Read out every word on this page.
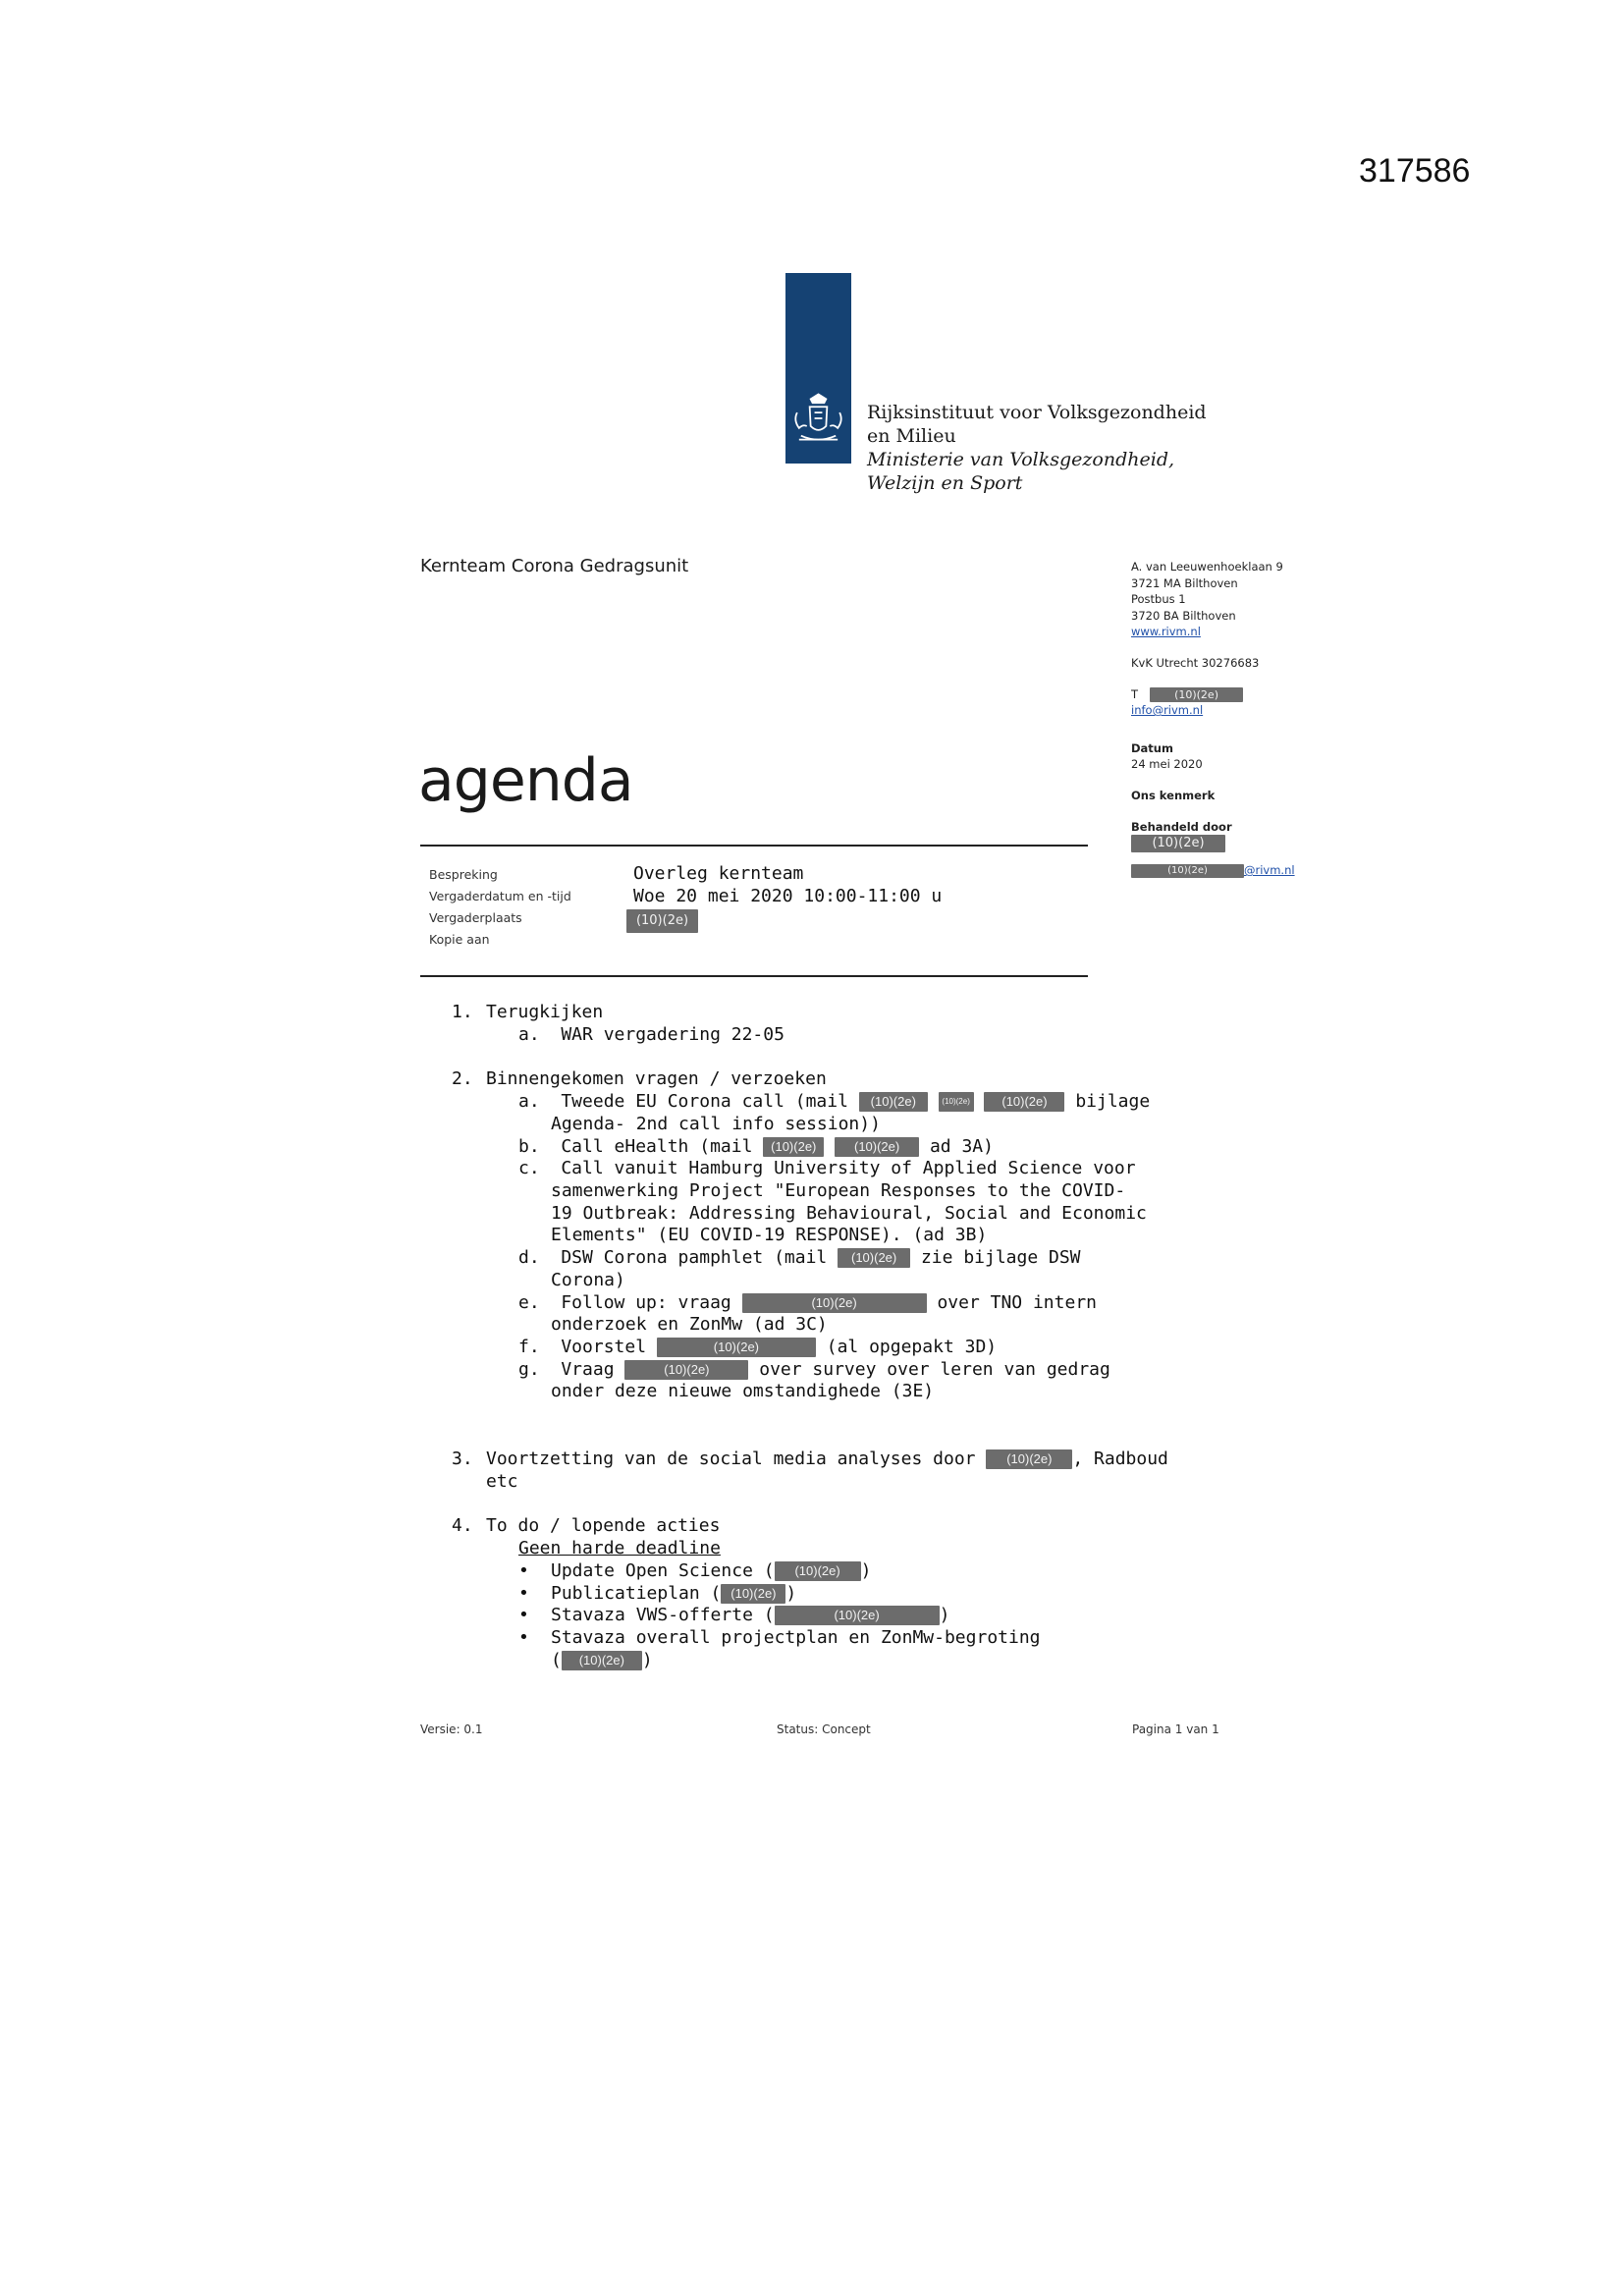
317586
Rijksinstituut voor Volksgezondheid
en Milieu
Ministerie van Volksgezondheid,
Welzijn en Sport
Kernteam Corona Gedragsunit	A. van Leeuwenhoeklaan 9
3721 MA Bilthoven
Postbus 1
3720 BA Bilthoven
www.rivm.nl
KvK Utrecht 30276683
T	(10)(2e)
info@rivm.nl
Datum
24 mei 2020
Ons kenmerk
Behandeld door
(10)(2e)
(10)(2e)	@rivm.nl
agenda
Bespreking	Overleg kernteam
Vergaderdatum en -tijd	Woe 20 mei 2020 10:00-11:00 u
Vergaderplaats	(10)(2e)
Kopie aan
1. Terugkijken
a.  WAR vergadering 22-05
2. Binnengekomen vragen / verzoeken
a.  Tweede EU Corona call (mail (10)(2e)	(10)(2e)	(10)(2e) bijlage
Agenda- 2nd call info session))
b.  Call eHealth (mail (10)(2e)	(10)(2e) ad 3A)
c.  Call vanuit Hamburg University of Applied Science voor
samenwerking Project "European Responses to the COVID-
19 Outbreak: Addressing Behavioural, Social and Economic
Elements" (EU COVID-19 RESPONSE). (ad 3B)
d.  DSW Corona pamphlet (mail (10)(2e) zie bijlage DSW
Corona)
e.  Follow up: vraag	(10)(2e)	over TNO intern
onderzoek en ZonMw (ad 3C)
f.  Voorstel	(10)(2e)	(al opgepakt 3D)
g.  Vraag	(10)(2e)	over survey over leren van gedrag
onder deze nieuwe omstandighede (3E)
3. Voortzetting van de social media analyses door (10)(2e) , Radboud
etc
4. To do / lopende acties
Geen harde deadline
• Update Open Science ( (10)(2e) )
• Publicatieplan ( (10)(2e) )
• Stavaza VWS-offerte (	(10)(2e)	)
• Stavaza overall projectplan en ZonMw-begroting
( (10)(2e) )
Versie: 0.1	Status: Concept	Pagina 1 van 1
